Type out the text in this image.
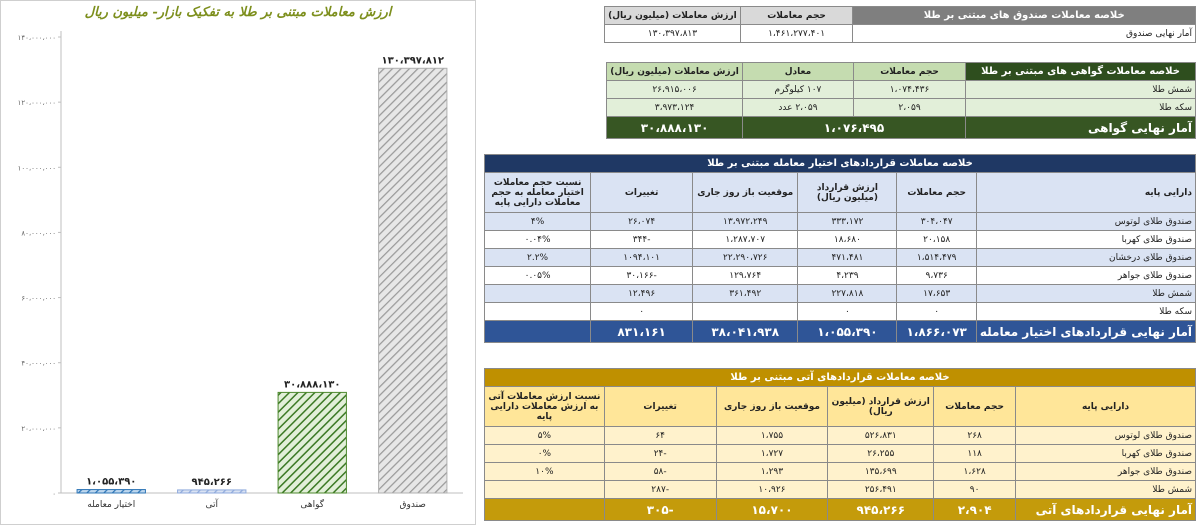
ارزش معاملات مبتنی بر طلا به تفکیک بازار- میلیون ریال
۰
۲۰،۰۰۰،۰۰۰
۴۰،۰۰۰،۰۰۰
۶۰،۰۰۰،۰۰۰
۸۰،۰۰۰،۰۰۰
۱۰۰،۰۰۰،۰۰۰
۱۲۰،۰۰۰،۰۰۰
۱۴۰،۰۰۰،۰۰۰
۱،۰۵۵،۳۹۰
اختیار معامله
۹۴۵،۲۶۶
آتی
۳۰،۸۸۸،۱۳۰
گواهی
۱۳۰،۳۹۷،۸۱۲
صندوق
خلاصه معاملات صندوق های مبتنی بر طلا	حجم معاملات	ارزش معاملات (میلیون ریال)	
آمار نهایی صندوق	۱،۴۶۱،۲۷۷،۴۰۱	۱۳۰،۳۹۷،۸۱۳	
خلاصه معاملات گواهی های مبتنی بر طلا	حجم معاملات	معادل	ارزش معاملات (میلیون ریال)	
شمش طلا	۱،۰۷۴،۴۳۶	۱۰۷ کیلوگرم	۲۶،۹۱۵،۰۰۶	
سکه طلا	۲،۰۵۹	۲،۰۵۹ عدد	۳،۹۷۳،۱۲۴	
آمار نهایی گواهی	۱،۰۷۶،۴۹۵		۳۰،۸۸۸،۱۳۰	
خلاصه معاملات قراردادهای اختیار معامله مبتنی بر طلا					
دارایی پایه	حجم معاملات	ارزش قرارداد (میلیون ریال)	موقعیت باز روز جاری	تغییرات	نسبت حجم معاملات اختیار معامله به حجم معاملات دارایی پایه
صندوق طلای لوتوس	۳۰۴،۰۴۷	۳۳۳،۱۷۲	۱۳،۹۷۲،۲۴۹	۲۶،۰۷۴	۴%
صندوق طلای کهربا	۲۰،۱۵۸	۱۸،۶۸۰	۱،۲۸۷،۷۰۷	-۳۴۴	۰.۰۴%
صندوق طلای درخشان	۱،۵۱۴،۴۷۹	۴۷۱،۴۸۱	۲۲،۲۹۰،۷۲۶	۱۰۹۴،۱۰۱	۲.۲%
صندوق طلای جواهر	۹،۷۳۶	۴،۲۳۹	۱۲۹،۷۶۴	-۳۰،۱۶۶	۰.۰۵%
شمش طلا	۱۷،۶۵۳	۲۲۷،۸۱۸	۳۶۱،۴۹۲	۱۲،۴۹۶	
سکه طلا	۰	۰		۰	
آمار نهایی قراردادهای اختیار معامله	۱،۸۶۶،۰۷۳	۱،۰۵۵،۳۹۰	۳۸،۰۴۱،۹۳۸	۸۳۱،۱۶۱	
خلاصه معاملات قراردادهای آتی مبتنی بر طلا					
دارایی پایه	حجم معاملات	ارزش قرارداد (میلیون ریال)	موقعیت باز روز جاری	تغییرات	نسبت ارزش معاملات آتی به ارزش معاملات دارایی پایه
صندوق طلای لوتوس	۲۶۸	۵۲۶،۸۳۱	۱،۷۵۵	۶۴	۵%
صندوق طلای کهربا	۱۱۸	۲۶،۲۵۵	۱،۷۲۷	-۲۴	۰%
صندوق طلای جواهر	۱،۶۲۸	۱۳۵،۶۹۹	۱،۲۹۳	-۵۸	۱۰%
شمش طلا	۹۰	۲۵۶،۴۹۱	۱۰،۹۲۶	-۲۸۷	
آمار نهایی قراردادهای آتی	۲،۹۰۴	۹۴۵،۲۶۶	۱۵،۷۰۰	-۳۰۵	
